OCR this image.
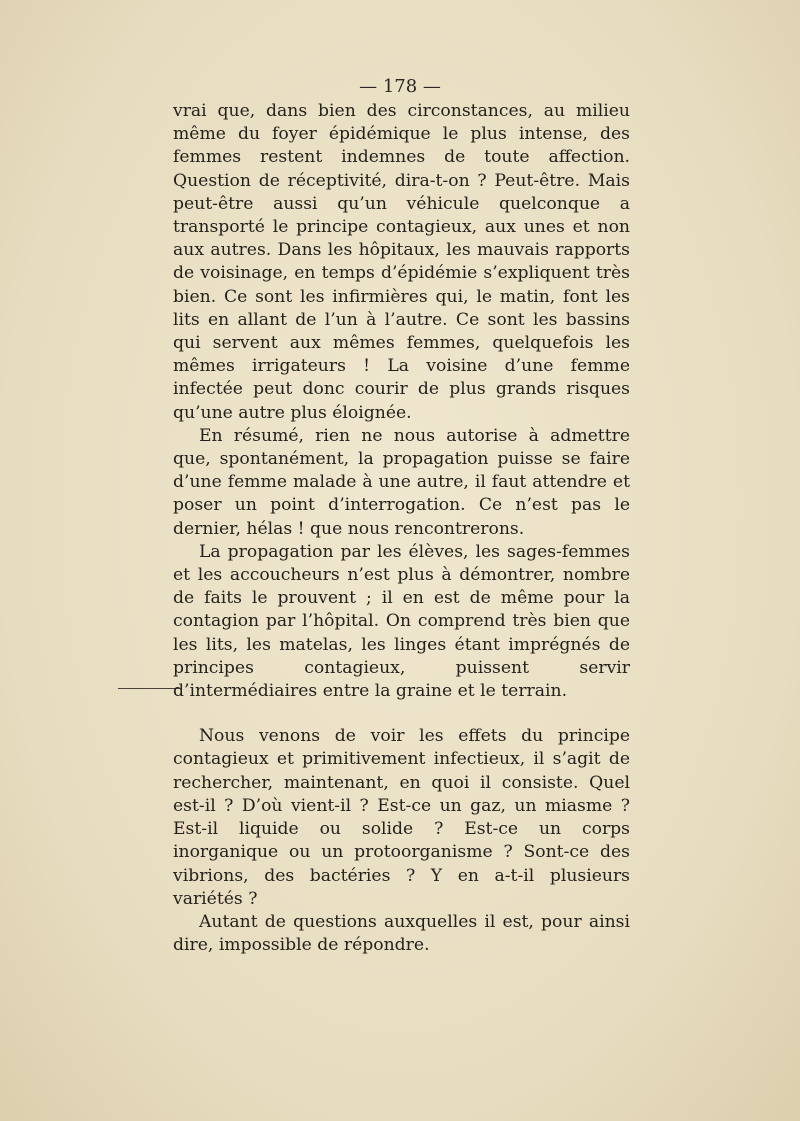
— 178 —

vrai que, dans bien des circonstances, au milieu même du foyer épidémique le plus intense, des femmes restent indemnes de toute affection. Question de réceptivité, dira-t-on ? Peut-être. Mais peut-être aussi qu’un véhicule quelconque a transporté le principe contagieux, aux unes et non aux autres. Dans les hôpitaux, les mauvais rapports de voisinage, en temps d’épidémie s’expliquent très bien. Ce sont les infirmières qui, le matin, font les lits en allant de l’un à l’autre. Ce sont les bassins qui servent aux mêmes femmes, quelquefois les mêmes irrigateurs ! La voisine d’une femme infectée peut donc courir de plus grands risques qu’une autre plus éloignée.

En résumé, rien ne nous autorise à admettre que, spontanément, la propagation puisse se faire d’une femme malade à une autre, il faut attendre et poser un point d’interrogation. Ce n’est pas le dernier, hélas ! que nous rencontrerons.

La propagation par les élèves, les sages-femmes et les accoucheurs n’est plus à démontrer, nombre de faits le prouvent ; il en est de même pour la contagion par l’hôpital. On comprend très bien que les lits, les matelas, les linges étant imprégnés de principes contagieux, puissent servir d’intermédiaires entre la graine et le terrain.

Nous venons de voir les effets du principe contagieux et primitivement infectieux, il s’agit de rechercher, maintenant, en quoi il consiste. Quel est-il ? D’où vient-il ? Est-ce un gaz, un miasme ? Est-il liquide ou solide ? Est-ce un corps inorganique ou un protoorganisme ? Sont-ce des vibrions, des bactéries ? Y en a-t-il plusieurs variétés ?

Autant de questions auxquelles il est, pour ainsi dire, impossible de répondre.
